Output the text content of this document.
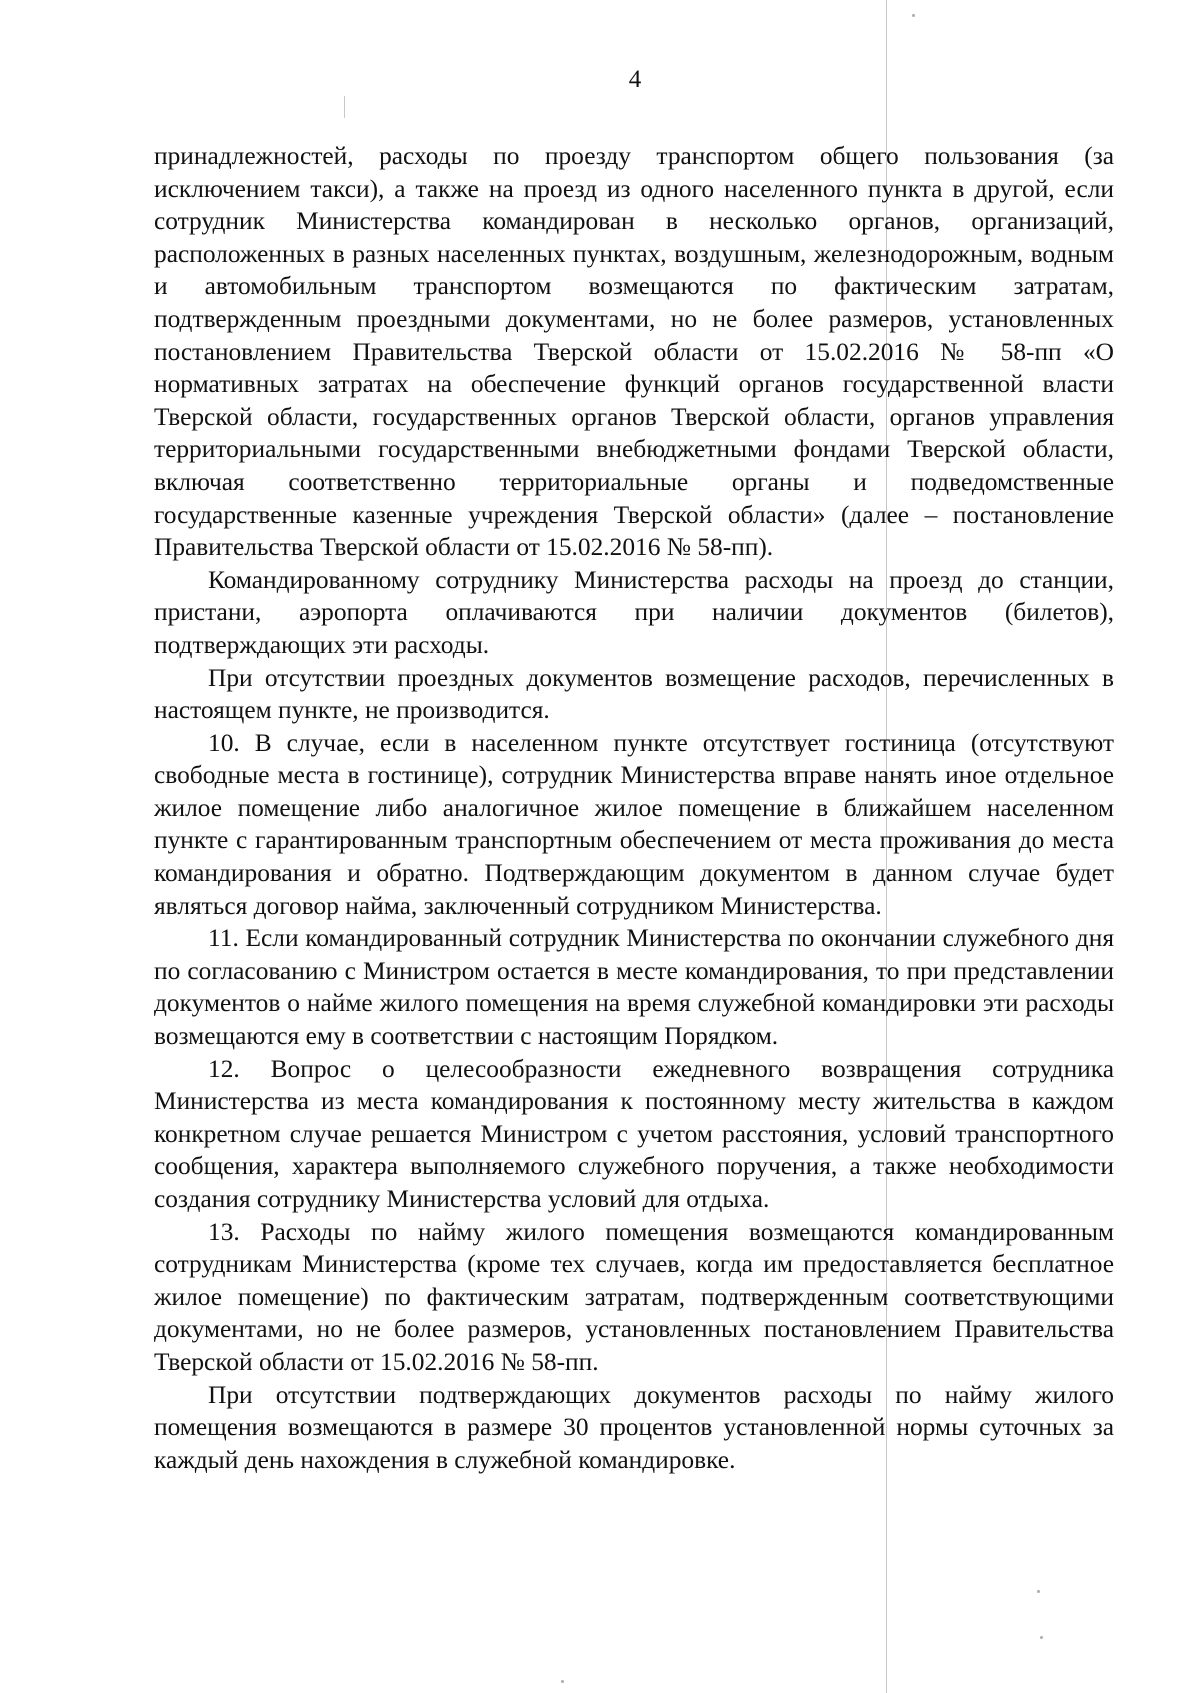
4

принадлежностей, расходы по проезду транспортом общего пользования (за исключением такси), а также на проезд из одного населенного пункта в другой, если сотрудник Министерства командирован в несколько органов, организаций, расположенных в разных населенных пунктах, воздушным, железнодорожным, водным и автомобильным транспортом возмещаются по фактическим затратам, подтвержденным проездными документами, но не более размеров, установленных постановлением Правительства Тверской области от 15.02.2016 № 58-пп «О нормативных затратах на обеспечение функций органов государственной власти Тверской области, государственных органов Тверской области, органов управления территориальными государственными внебюджетными фондами Тверской области, включая соответственно территориальные органы и подведомственные государственные казенные учреждения Тверской области» (далее – постановление Правительства Тверской области от 15.02.2016 № 58-пп).

Командированному сотруднику Министерства расходы на проезд до станции, пристани, аэропорта оплачиваются при наличии документов (билетов), подтверждающих эти расходы.

При отсутствии проездных документов возмещение расходов, перечисленных в настоящем пункте, не производится.

10. В случае, если в населенном пункте отсутствует гостиница (отсутствуют свободные места в гостинице), сотрудник Министерства вправе нанять иное отдельное жилое помещение либо аналогичное жилое помещение в ближайшем населенном пункте с гарантированным транспортным обеспечением от места проживания до места командирования и обратно. Подтверждающим документом в данном случае будет являться договор найма, заключенный сотрудником Министерства.

11. Если командированный сотрудник Министерства по окончании служебного дня по согласованию с Министром остается в месте командирования, то при представлении документов о найме жилого помещения на время служебной командировки эти расходы возмещаются ему в соответствии с настоящим Порядком.

12. Вопрос о целесообразности ежедневного возвращения сотрудника Министерства из места командирования к постоянному месту жительства в каждом конкретном случае решается Министром с учетом расстояния, условий транспортного сообщения, характера выполняемого служебного поручения, а также необходимости создания сотруднику Министерства условий для отдыха.

13. Расходы по найму жилого помещения возмещаются командированным сотрудникам Министерства (кроме тех случаев, когда им предоставляется бесплатное жилое помещение) по фактическим затратам, подтвержденным соответствующими документами, но не более размеров, установленных постановлением Правительства Тверской области от 15.02.2016 № 58-пп.

При отсутствии подтверждающих документов расходы по найму жилого помещения возмещаются в размере 30 процентов установленной нормы суточных за каждый день нахождения в служебной командировке.
